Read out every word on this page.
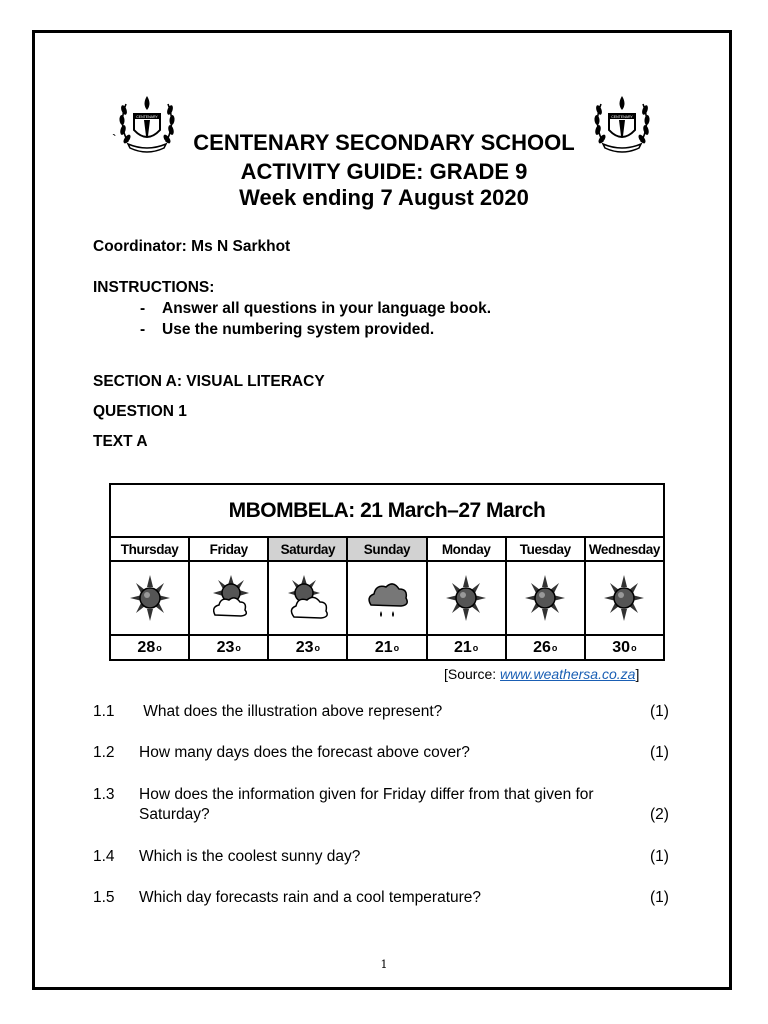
CENTENARY	CENTENARY
`	CENTENARY SECONDARY SCHOOL
ACTIVITY GUIDE: GRADE 9
Week ending 7 August 2020
Coordinator: Ms N Sarkhot
INSTRUCTIONS:
- Answer all questions in your language book.
- Use the numbering system provided.
SECTION A: VISUAL LITERACY
QUESTION 1
TEXT A
MBOMBELA: 21 March–27 March
Thursday	Friday	Saturday	Sunday	Monday	Tuesday	Wednesday
28 o	23 o	23 o	21 o	21 o	26 o	30 o
[Source: www.weathersa.co.za]
1.1 What does the illustration above represent?	(1)
1.2 How many days does the forecast above cover?	(1)
1.3 How does the information given for Friday differ from that given for
Saturday?	(2)
1.4 Which is the coolest sunny day?	(1)
1.5 Which day forecasts rain and a cool temperature?	(1)
1
